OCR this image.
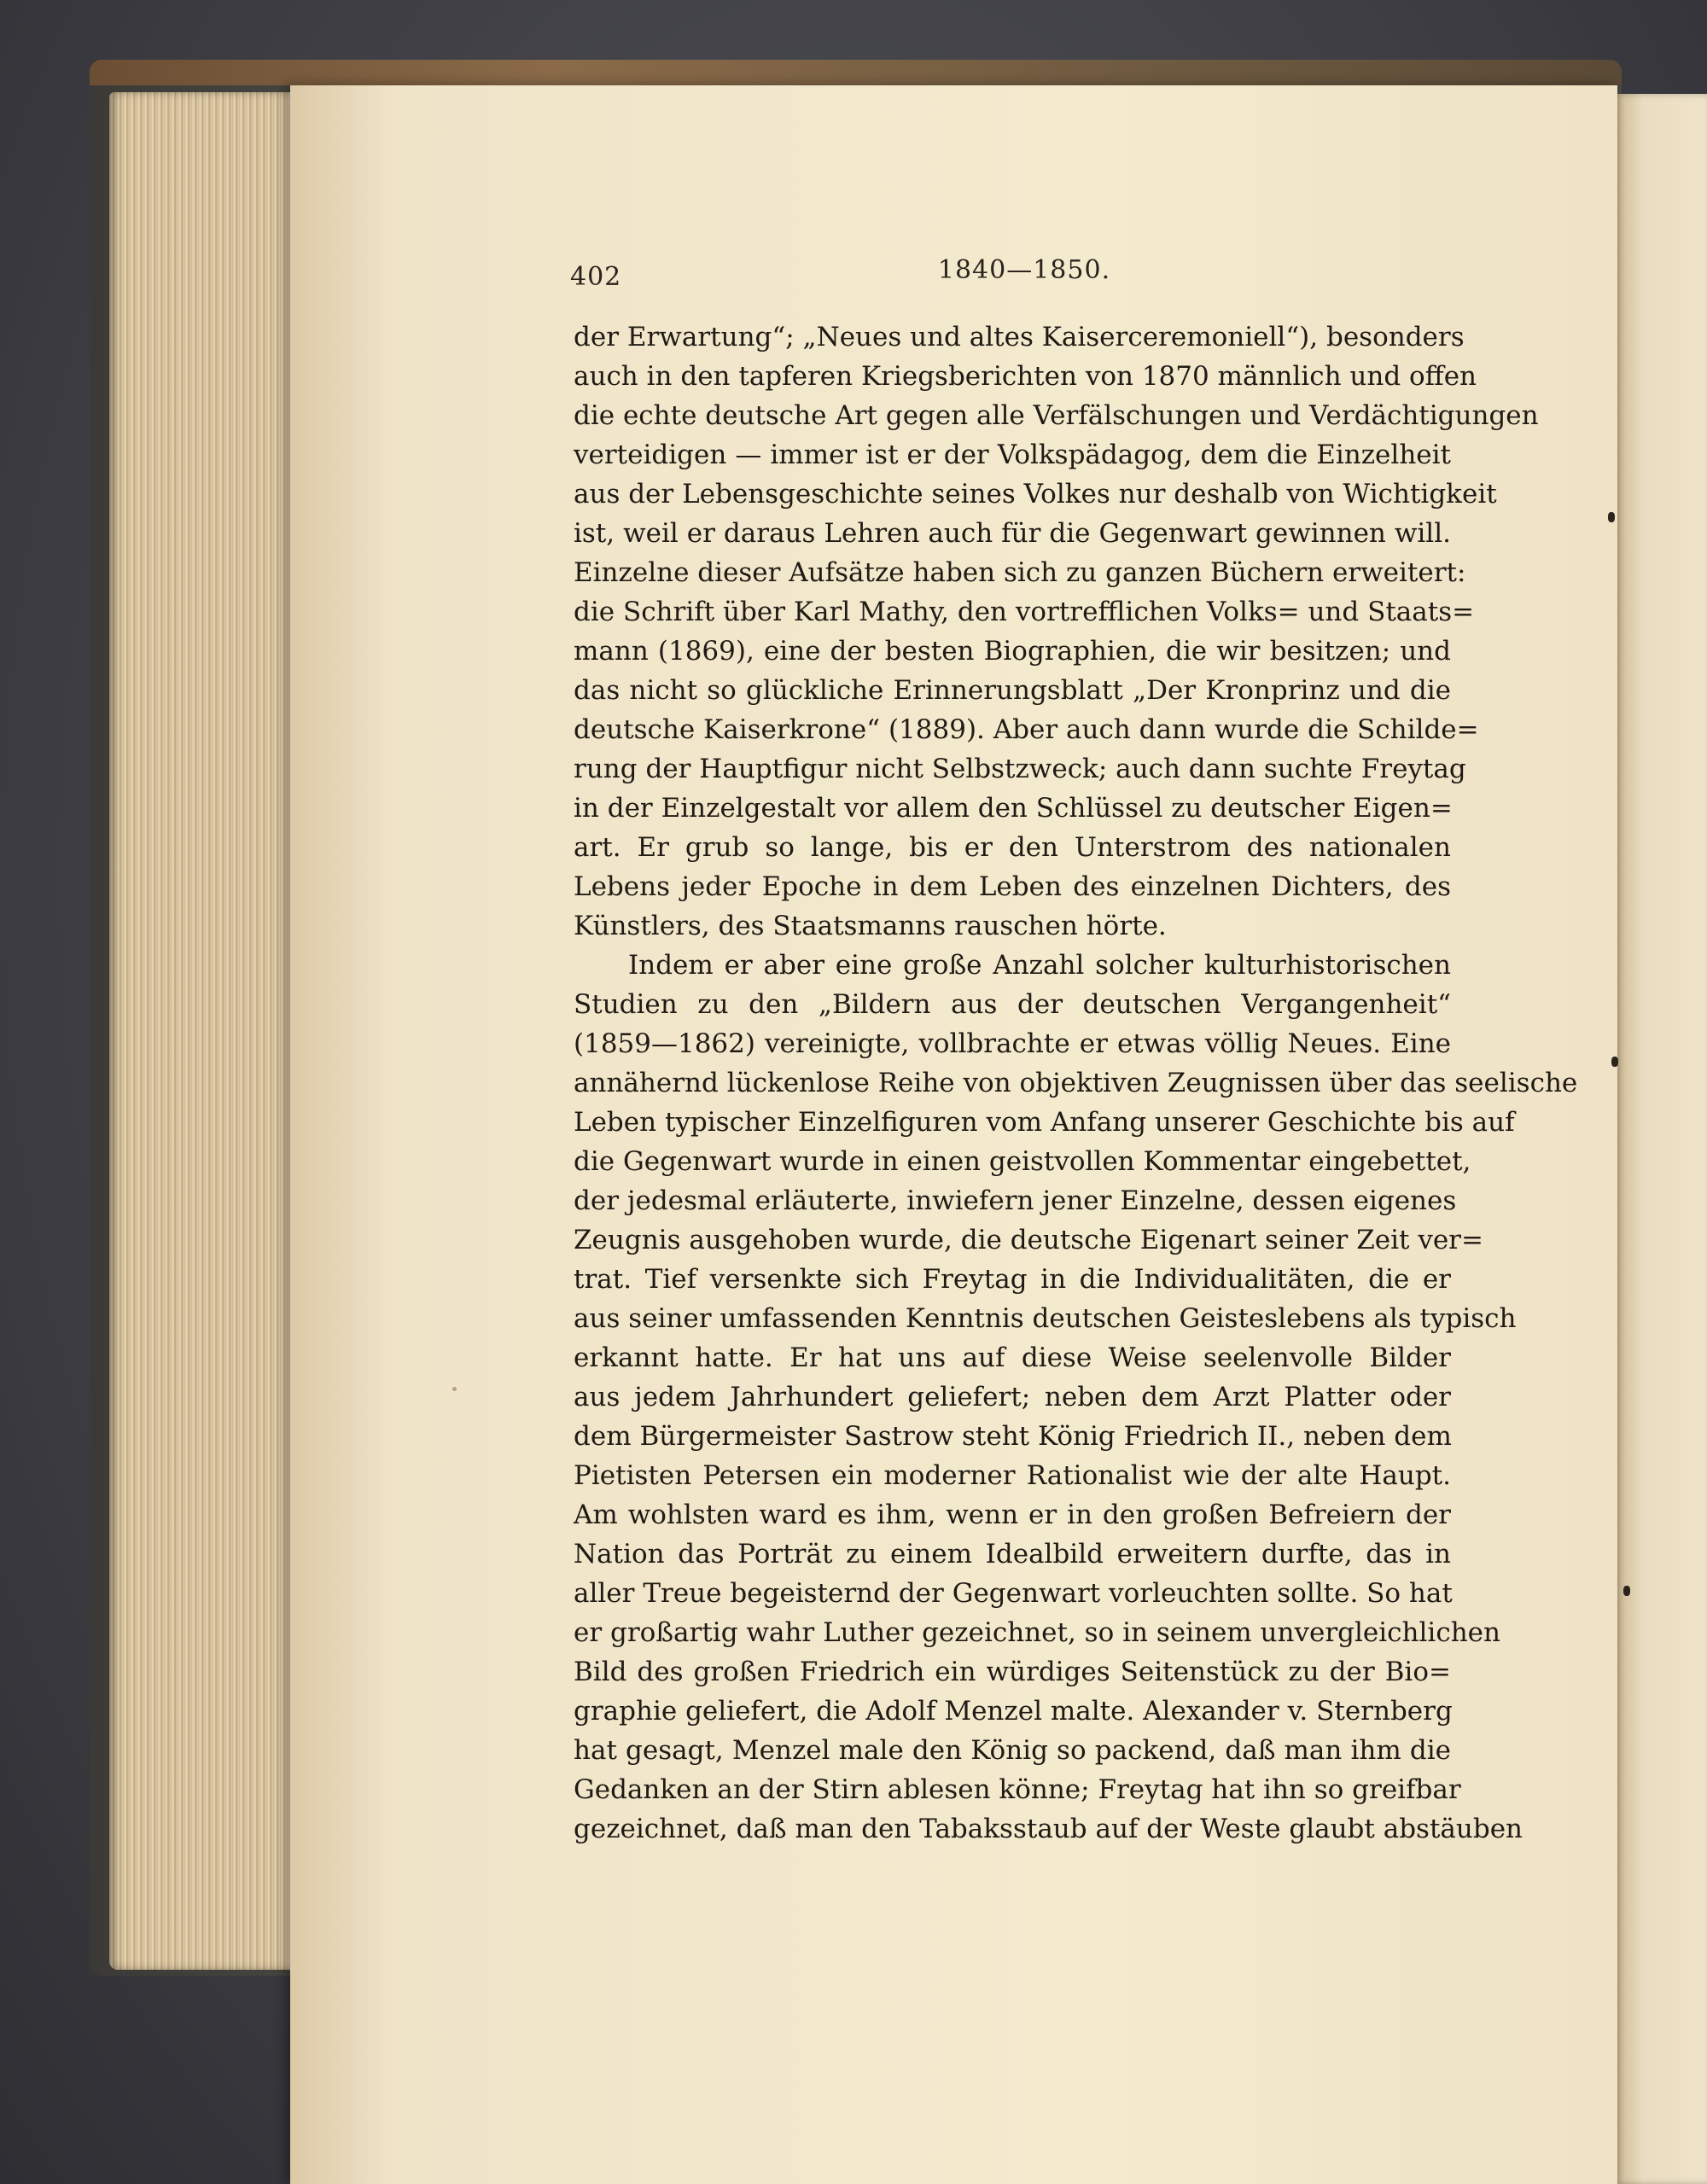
402	1840—1850.
der Erwartung“; „Neues und altes Kaiserceremoniell“), besonders
auch in den tapferen Kriegsberichten von 1870 männlich und offen
die echte deutsche Art gegen alle Verfälschungen und Verdächtigungen
verteidigen — immer ist er der Volkspädagog, dem die Einzelheit
aus der Lebensgeschichte seines Volkes nur deshalb von Wichtigkeit
ist, weil er daraus Lehren auch für die Gegenwart gewinnen will.
Einzelne dieser Aufsätze haben sich zu ganzen Büchern erweitert:
die Schrift über Karl Mathy, den vortrefflichen Volks= und Staats=
mann (1869), eine der besten Biographien, die wir besitzen; und
das nicht so glückliche Erinnerungsblatt „Der Kronprinz und die
deutsche Kaiserkrone“ (1889). Aber auch dann wurde die Schilde=
rung der Hauptfigur nicht Selbstzweck; auch dann suchte Freytag
in der Einzelgestalt vor allem den Schlüssel zu deutscher Eigen=
art. Er grub so lange, bis er den Unterstrom des nationalen
Lebens jeder Epoche in dem Leben des einzelnen Dichters, des
Künstlers, des Staatsmanns rauschen hörte.
Indem er aber eine große Anzahl solcher kulturhistorischen
Studien zu den „Bildern aus der deutschen Vergangenheit“
(1859—1862) vereinigte, vollbrachte er etwas völlig Neues. Eine
annähernd lückenlose Reihe von objektiven Zeugnissen über das seelische
Leben typischer Einzelfiguren vom Anfang unserer Geschichte bis auf
die Gegenwart wurde in einen geistvollen Kommentar eingebettet,
der jedesmal erläuterte, inwiefern jener Einzelne, dessen eigenes
Zeugnis ausgehoben wurde, die deutsche Eigenart seiner Zeit ver=
trat. Tief versenkte sich Freytag in die Individualitäten, die er
aus seiner umfassenden Kenntnis deutschen Geisteslebens als typisch
erkannt hatte. Er hat uns auf diese Weise seelenvolle Bilder
aus jedem Jahrhundert geliefert; neben dem Arzt Platter oder
dem Bürgermeister Sastrow steht König Friedrich II., neben dem
Pietisten Petersen ein moderner Rationalist wie der alte Haupt.
Am wohlsten ward es ihm, wenn er in den großen Befreiern der
Nation das Porträt zu einem Idealbild erweitern durfte, das in
aller Treue begeisternd der Gegenwart vorleuchten sollte. So hat
er großartig wahr Luther gezeichnet, so in seinem unvergleichlichen
Bild des großen Friedrich ein würdiges Seitenstück zu der Bio=
graphie geliefert, die Adolf Menzel malte. Alexander v. Sternberg
hat gesagt, Menzel male den König so packend, daß man ihm die
Gedanken an der Stirn ablesen könne; Freytag hat ihn so greifbar
gezeichnet, daß man den Tabaksstaub auf der Weste glaubt abstäuben
